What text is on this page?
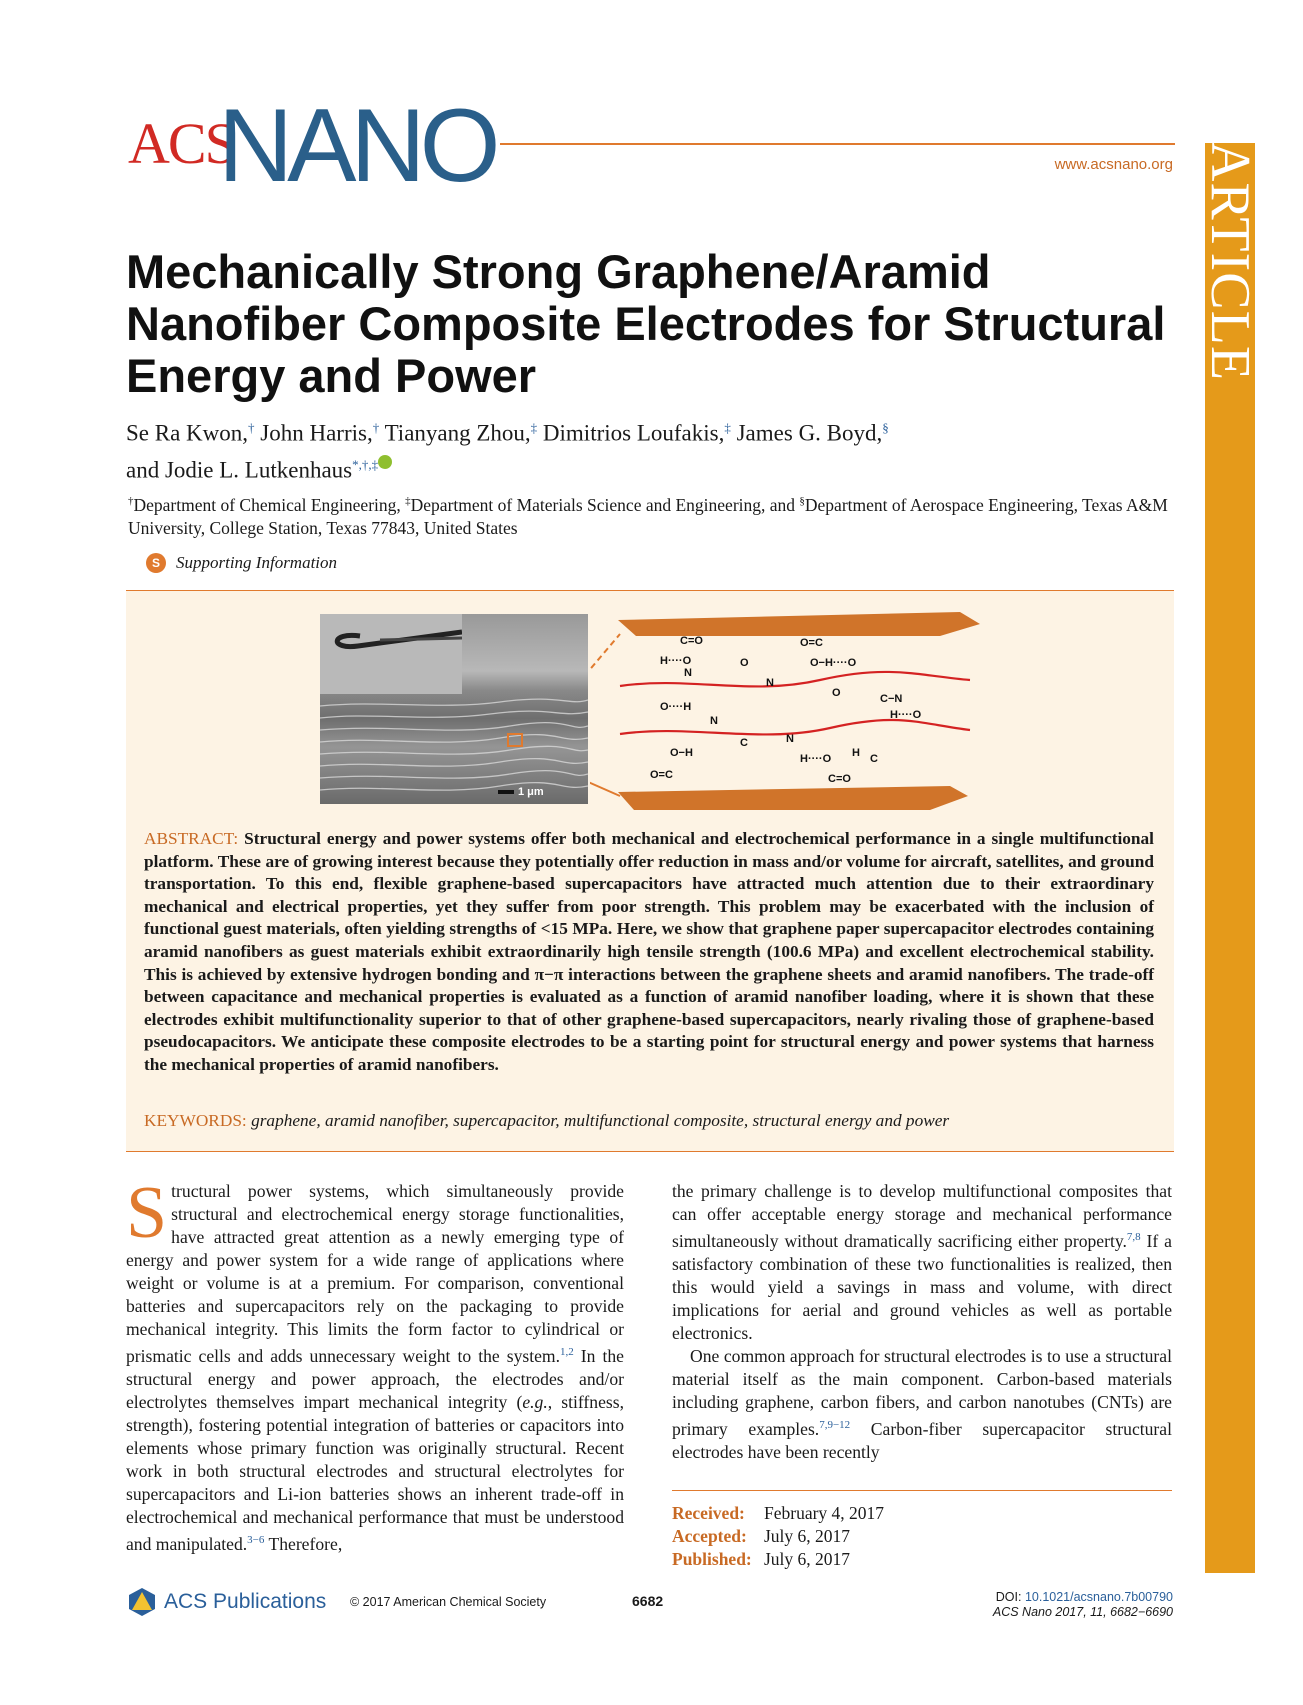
ACS
NANO	www.acsnano.org ARTICLE
Mechanically Strong Graphene/Aramid Nanofiber Composite Electrodes for Structural Energy and Power
Se Ra Kwon,† John Harris,† Tianyang Zhou,‡ Dimitrios Loufakis,‡ James G. Boyd,§
and Jodie L. Lutkenhaus*,†,‡
†Department of Chemical Engineering, ‡Department of Materials Science and Engineering, and §Department of Aerospace Engineering, Texas A&M University, College Station, Texas 77843, United States
S Supporting Information
1 μm
C=O
H····O
N
O····H
O
N
O=C
O−H····O
O	C−N
H····O
N
O−H
O=C
C	N
H····O
C=O
H C
ABSTRACT: Structural energy and power systems offer both mechanical and electrochemical performance in a single multifunctional platform. These are of growing interest because they potentially offer reduction in mass and/or volume for aircraft, satellites, and ground transportation. To this end, flexible graphene-based supercapacitors have attracted much attention due to their extraordinary mechanical and electrical properties, yet they suffer from poor strength. This problem may be exacerbated with the inclusion of functional guest materials, often yielding strengths of <15 MPa. Here, we show that graphene paper supercapacitor electrodes containing aramid nanofibers as guest materials exhibit extraordinarily high tensile strength (100.6 MPa) and excellent electrochemical stability. This is achieved by extensive hydrogen bonding and π−π interactions between the graphene sheets and aramid nanofibers. The trade-off between capacitance and mechanical properties is evaluated as a function of aramid nanofiber loading, where it is shown that these electrodes exhibit multifunctionality superior to that of other graphene-based supercapacitors, nearly rivaling those of graphene-based pseudocapacitors. We anticipate these composite electrodes to be a starting point for structural energy and power systems that harness the mechanical properties of aramid nanofibers.
KEYWORDS: graphene, aramid nanofiber, supercapacitor, multifunctional composite, structural energy and power
Structural power systems, which simultaneously provide structural and electrochemical energy storage functionalities, have attracted great attention as a newly emerging type of energy and power system for a wide range of applications where weight or volume is at a premium. For comparison, conventional batteries and supercapacitors rely on the packaging to provide mechanical integrity. This limits the form factor to cylindrical or prismatic cells and adds unnecessary weight to the system.$^{1,2}$ In the structural energy and power approach, the electrodes and/or electrolytes themselves impart mechanical integrity (e.g., stiffness, strength), fostering potential integration of batteries or capacitors into elements whose primary function was originally structural. Recent work in both structural electrodes and structural electrolytes for supercapacitors and Li-ion batteries shows an inherent trade-off in electrochemical and mechanical performance that must be understood and manipulated.$^{3-6}$ Therefore,

the primary challenge is to develop multifunctional composites that can offer acceptable energy storage and mechanical performance simultaneously without dramatically sacrificing either property.$^{7,8}$ If a satisfactory combination of these two functionalities is realized, then this would yield a savings in mass and volume, with direct implications for aerial and ground vehicles as well as portable electronics.

One common approach for structural electrodes is to use a structural material itself as the main component. Carbon-based materials including graphene, carbon fibers, and carbon nanotubes (CNTs) are primary examples.$^{7,9-12}$ Carbon-fiber supercapacitor structural electrodes have been recently

Received:	February 4, 2017
Accepted: July 6, 2017
Published: July 6, 2017
ACS Publications © 2017 American Chemical Society	6682	DOI: 10.1021/acsnano.7b00790
ACS Nano 2017, 11, 6682−6690
